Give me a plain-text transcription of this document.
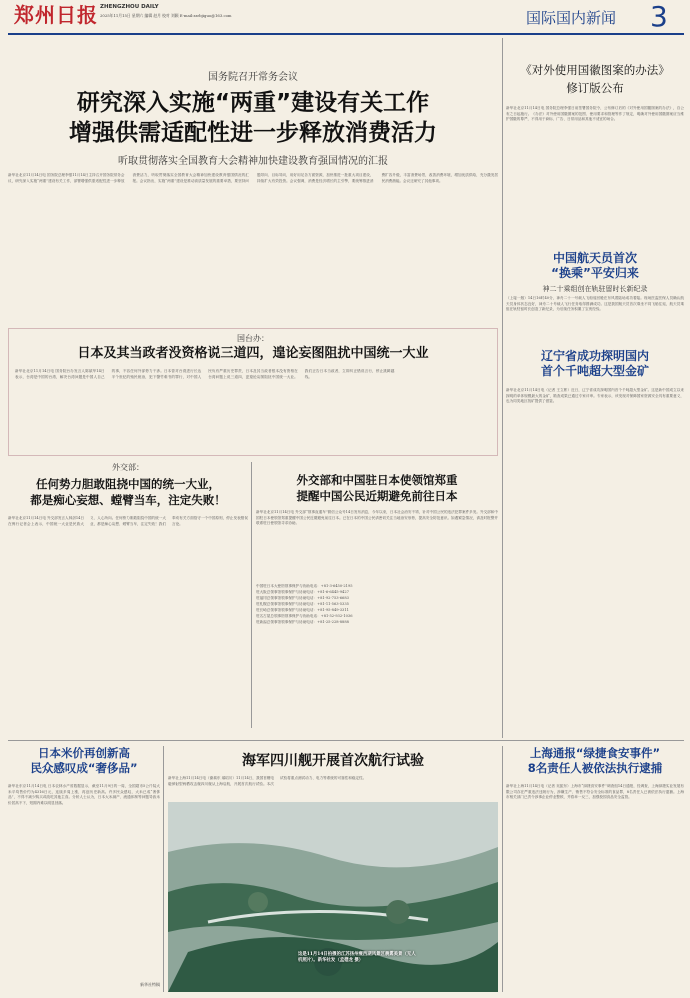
郑州日报 ZHENGZHOU DAILY
2025年11月15日 星期六 编辑 赵月 校对 刘颖 E-mail:zzrbjiguo@163.com	国际国内新闻 3
国务院召开常务会议
研究深入实施“两重”建设有关工作
增强供需适配性进一步释放消费活力
听取贯彻落实全国教育大会精神加快建设教育强国情况的汇报
新华社北京11月14日电 国务院总理李强11月14日主持召开国务院常务会议，研究深入实施“两重”建设有关工作，部署增强供需适配性进一步释放消费活力，听取贯彻落实全国教育大会精神加快建设教育强国情况的汇报。会议指出，实施“两重”建设是推动高质量发展的重要举措，要坚持问题导向、目标导向，用好用足各方面资源，加快推进一批重大项目建设，持续扩大有效投资。会议强调，消费是经济增长的主引擎，要统筹推进消费扩容升级，丰富消费场景，改善消费环境，增加优质供给，充分激发居民消费潜能。会议还研究了其他事项。
《对外使用国徽图案的办法》
修订版公布
新华社北京11月14日电 国务院总理李强日前签署国务院令，公布修订后的《对外使用国徽图案的办法》，自公布之日起施行。《办法》对外使用国徽图案的范围、使用要求和管理等作了规定，明确对外使用国徽图案应当维护国徽的尊严，不得用于商标、广告、日常用品和其他不适宜的场合。
中国航天员首次
“换乘”平安归来
神二十乘组创在轨驻留时长新纪录
（上接一版）14日16时40分，神舟二十一号载人飞船返回舱在东风着陆场成功着陆。现场医监医保人员确认航天员身体状态良好，神舟二十号载人飞行任务取得圆满成功。这是我国航天员首次乘坐不同飞船往返，航天员乘组在轨驻留时长创造了新纪录，为后续任务积累了宝贵经验。
辽宁省成功探明国内
首个千吨超大型金矿
新华社北京11月14日电（记者 王立彬）近日，辽宁省成功探明国内首个千吨超大型金矿。这是新中国成立以来探明的单体规模最大的金矿，勘查成果已通过专家评审。专家表示，该发现对保障国家资源安全具有重要意义，也为同类地区找矿提供了借鉴。
国台办：
日本及其当政者没资格说三道四，遑论妄图阻扰中国统一大业
新华社北京11月14日电 国务院台办发言人陈斌华14日表示，台湾是中国的台湾，解决台湾问题是中国人自己的事，不容任何外部势力干涉。日本曾对台湾进行长达半个世纪的殖民统治，犯下罄竹难书的罪行，对中国人民负有严重历史罪责，日本及其当政者根本没有资格在台湾问题上说三道四，更遑论妄图阻扰中国统一大业。我们正告日本当政者，立即纠正错误言行，停止挑衅越线。
外交部：
任何势力胆敢阻挠中国的统一大业，
都是痴心妄想、螳臂当车，注定失败！
新华社北京11月14日电 外交部发言人林剑14日在例行记者会上表示，中国统一大业是民族大义、人心所向。任何势力胆敢阻挠中国的统一大业，都是痴心妄想、螳臂当车，注定失败！我们奉劝有关方面恪守一个中国原则，停止发表错误言论。
外交部和中国驻日本使领馆郑重
提醒中国公民近期避免前往日本
新华社北京11月14日电 外交部“领事直通车”微信公众号14日发布消息，今年以来，日本社会治安不靖，针对中国公民的违法犯罪案件多发。外交部和中国驻日本使领馆郑重提醒中国公民近期避免前往日本。已在日本的中国公民请密切关注当地治安形势，提高安全防范意识。如遇紧急情况，请及时报警并联系驻日使领馆寻求协助。
中国驻日本大使馆领事保护与协助电话：+81-3-6450-2195
驻大阪总领事馆领事保护与协助电话：+81-6-6445-9427
驻福冈总领事馆领事保护与协助电话：+81-92-753-6683
驻札幌总领事馆领事保护与协助电话：+81-11-563-5335
驻长崎总领事馆领事保护与协助电话：+81-95-849-3311
驻名古屋总领事馆领事保护与协助电话：+81-52-932-1036
驻新潟总领事馆领事保护与协助电话：+81-25-228-8888
日本米价再创新高
民众感叹成“奢侈品”
新华社东京11月14日电 日本农林水产省数据显示，截至11月9日的一周，全国超市5公斤装大米平均售价约为4316日元，连续多周上涨，再创历史新高。许多民众感叹，大米已成“奢侈品”，不得不减少购买或改吃其他主食。分析人士认为，日本大米减产、流通体制等问题导致米价居高不下，短期内难以明显回落。
新华社特稿
海军四川舰开展首次航行试验
新华社上海11月14日电（谢翁东 翁绍川）11月14日，我国首艘电磁弹射型两栖攻击舰四川舰从上海启航，开展首次航行试验。本次试验将重点测试动力、电力等系统的可靠性和稳定性。
这是11月14日拍摄的江苏扬州瘦西湖风景区晨雾美景（无人机照片）。新华社发（孟德龙 摄）
上海通报“绿捷食安事件”
8名责任人被依法执行逮捕
新华社上海11月14日电（记者 吴振东）上海市“绿捷食安事件”调查组14日通报，经调查，上海绿捷实业发展有限公司存在严重违法违规行为，涉嫌生产、销售不符合安全标准的食品罪，8名责任人已被依法执行逮捕。上海市相关部门已责令涉事企业停业整顿，并将举一反三，加强校园食品安全监管。
